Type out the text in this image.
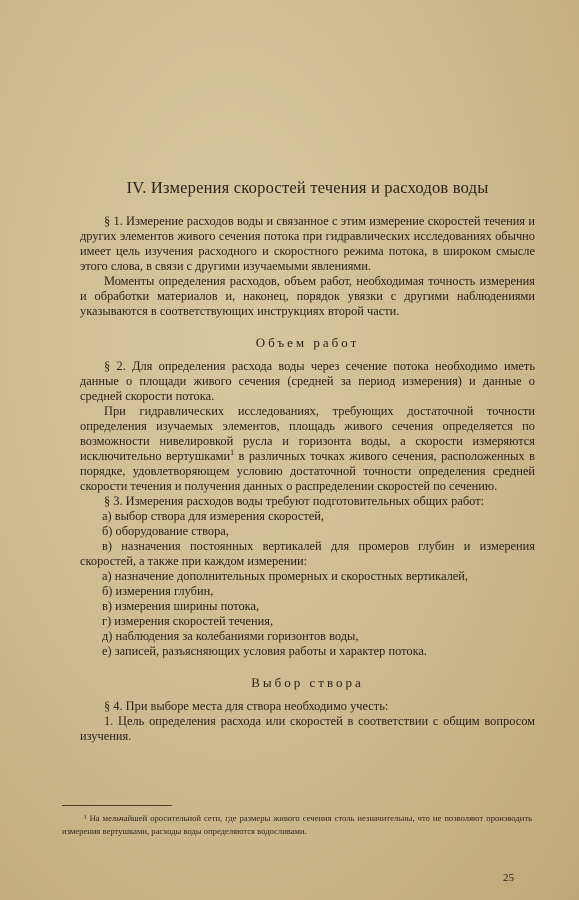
IV. Измерения скоростей течения и расходов воды

§ 1. Измерение расходов воды и связанное с этим измерение скоростей течения и других элементов живого сечения потока при гидравлических исследованиях обычно имеет цель изучения расходного и скоростного режима потока, в широком смысле этого слова, в связи с другими изучаемыми явлениями.

Моменты определения расходов, объем работ, необходимая точность измерения и обработки материалов и, наконец, порядок увязки с другими наблюдениями указываются в соответствующих инструкциях второй части.

Объем работ

§ 2. Для определения расхода воды через сечение потока необходимо иметь данные о площади живого сечения (средней за период измерения) и данные о средней скорости потока.

При гидравлических исследованиях, требующих достаточной точности определения изучаемых элементов, площадь живого сечения определяется по возможности нивелировкой русла и горизонта воды, а скорости измеряются исключительно вертушками$^1$ в различных точках живого сечения, расположенных в порядке, удовлетворяющем условию достаточной точности определения средней скорости течения и получения данных о распределении скоростей по сечению.

§ 3. Измерения расходов воды требуют подготовительных общих работ:

а) выбор створа для измерения скоростей,
б) оборудование створа,
в) назначения постоянных вертикалей для промеров глубин и измерения скоростей, а также при каждом измерении:
а) назначение дополнительных промерных и скоростных вертикалей,
б) измерения глубин,
в) измерения ширины потока,
г) измерения скоростей течения,
д) наблюдения за колебаниями горизонтов воды,
е) записей, разъясняющих условия работы и характер потока.
Выбор створа

§ 4. При выборе места для створа необходимо учесть:

1. Цель определения расхода или скоростей в соответствии с общим вопросом изучения.

¹ На мельчайшей оросительной сети, где размеры живого сечения столь незначительны, что не позволяют производить измерения вертушками, расходы воды определяются водосливами.
25
